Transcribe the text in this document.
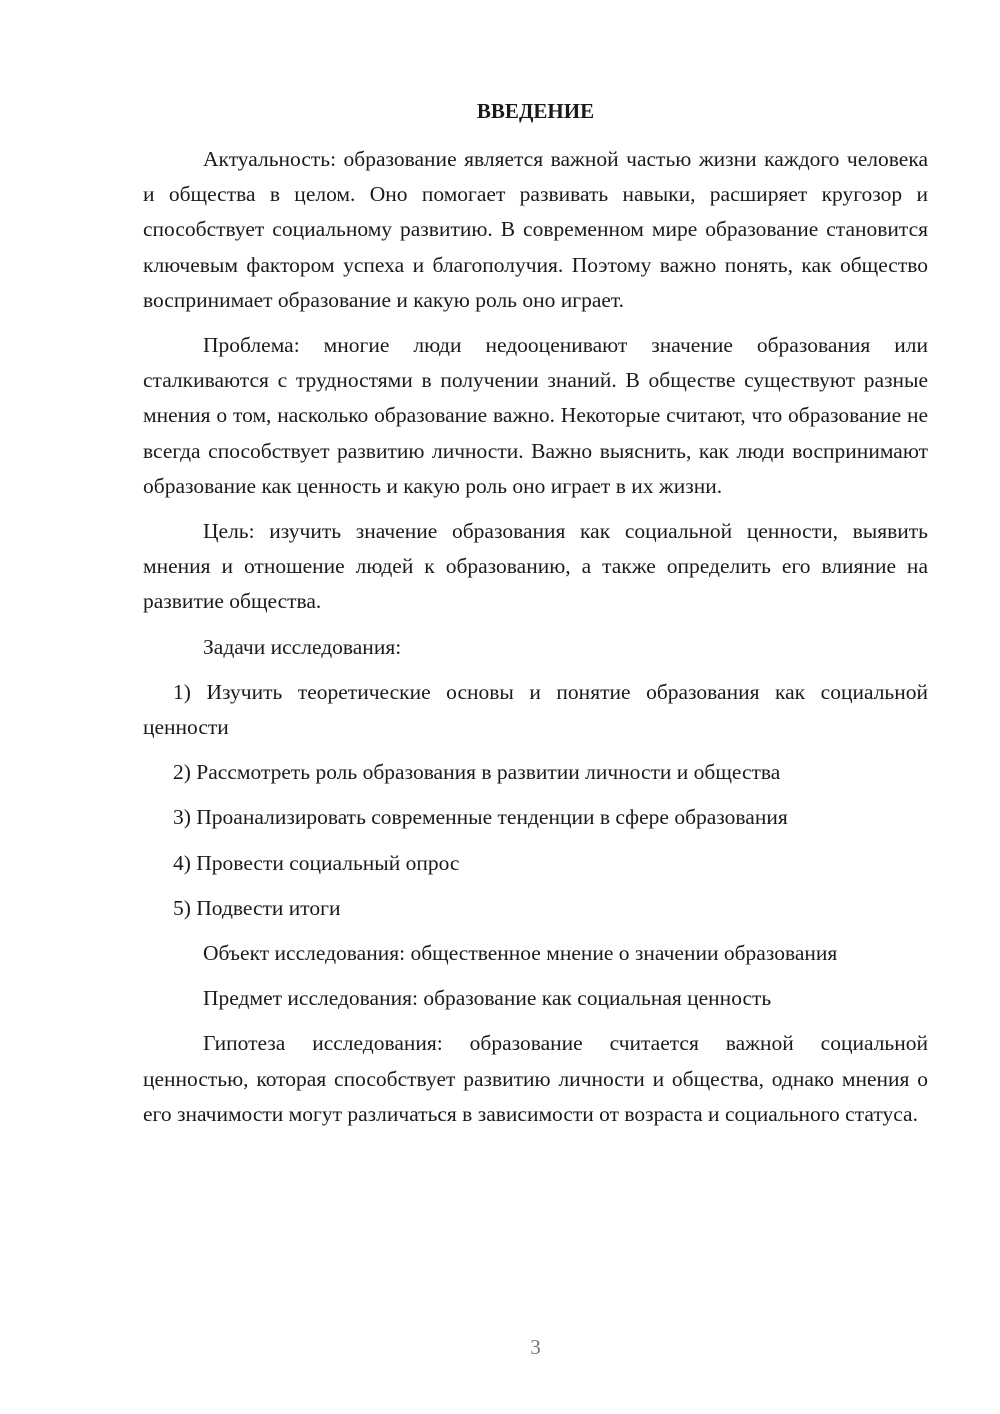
ВВЕДЕНИЕ

Актуальность: образование является важной частью жизни каждого человека и общества в целом. Оно помогает развивать навыки, расширяет кругозор и способствует социальному развитию. В современном мире образование становится ключевым фактором успеха и благополучия. Поэтому важно понять, как общество воспринимает образование и какую роль оно играет.

Проблема: многие люди недооценивают значение образования или сталкиваются с трудностями в получении знаний. В обществе существуют разные мнения о том, насколько образование важно. Некоторые считают, что образование не всегда способствует развитию личности. Важно выяснить, как люди воспринимают образование как ценность и какую роль оно играет в их жизни.

Цель: изучить значение образования как социальной ценности, выявить мнения и отношение людей к образованию, а также определить его влияние на развитие общества.

Задачи исследования:

1) Изучить теоретические основы и понятие образования как социальной ценности

2) Рассмотреть роль образования в развитии личности и общества

3) Проанализировать современные тенденции в сфере образования

4) Провести социальный опрос

5) Подвести итоги

Объект исследования: общественное мнение о значении образования

Предмет исследования: образование как социальная ценность

Гипотеза исследования: образование считается важной социальной ценностью, которая способствует развитию личности и общества, однако мнения о его значимости могут различаться в зависимости от возраста и социального статуса.

3
